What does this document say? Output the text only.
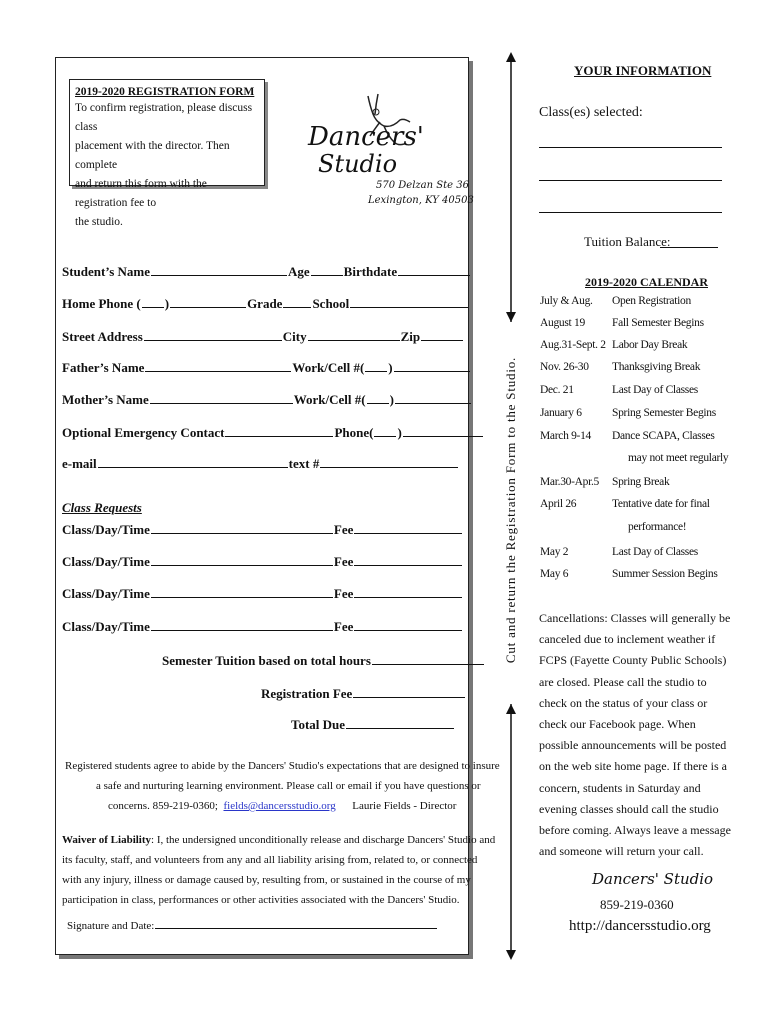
2019-2020 REGISTRATION FORM
To confirm registration, please discuss class
placement with the director. Then complete
and return this form with the registration fee to
the studio.
Dancers'
Studio
570 Delzan Ste 36
Lexington, KY 40503
Student’s Name	Age	Birthdate
Home Phone ( )	Grade School
Street Address	City	Zip
Father’s Name	Work/Cell #( )
Mother’s Name	Work/Cell #( )
Optional Emergency Contact	Phone( )
e-mail	text #
Class Requests
Class/Day/Time	Fee
Class/Day/Time	Fee
Class/Day/Time	Fee
Class/Day/Time	Fee
Semester Tuition based on total hours
Registration Fee
Total Due
Registered students agree to abide by the Dancers' Studio's expectations that are designed to insure
a safe and nurturing learning environment. Please call or email if you have questions or
concerns. 859-219-0360; fields@dancersstudio.org Laurie Fields - Director
Waiver of Liability: I, the undersigned unconditionally release and discharge Dancers' Studio and
its faculty, staff, and volunteers from any and all liability arising from, related to, or connected
with any injury, illness or damage caused by, resulting from, or sustained in the course of my
participation in class, performances or other activities associated with the Dancers' Studio.
Signature and Date:
Cut and return the Registration Form to the Studio.
YOUR INFORMATION
Class(es) selected:
Tuition Balance:
2019-2020 CALENDAR
July & Aug. Open Registration
August 19 Fall Semester Begins
Aug.31-Sept. 2 Labor Day Break
Nov. 26-30 Thanksgiving Break
Dec. 21	Last Day of Classes
January 6	Spring Semester Begins
March 9-14 Dance SCAPA, Classes
may not meet regularly
Mar.30-Apr.5 Spring Break
April 26	Tentative date for final
performance!
May 2	Last Day of Classes
May 6	Summer Session Begins
Cancellations: Classes will generally be
canceled due to inclement weather if
FCPS (Fayette County Public Schools)
are closed. Please call the studio to
check on the status of your class or
check our Facebook page. When
possible announcements will be posted
on the web site home page. If there is a
concern, students in Saturday and
evening classes should call the studio
before coming. Always leave a message
and someone will return your call.
Dancers' Studio
859-219-0360
http://dancersstudio.org
